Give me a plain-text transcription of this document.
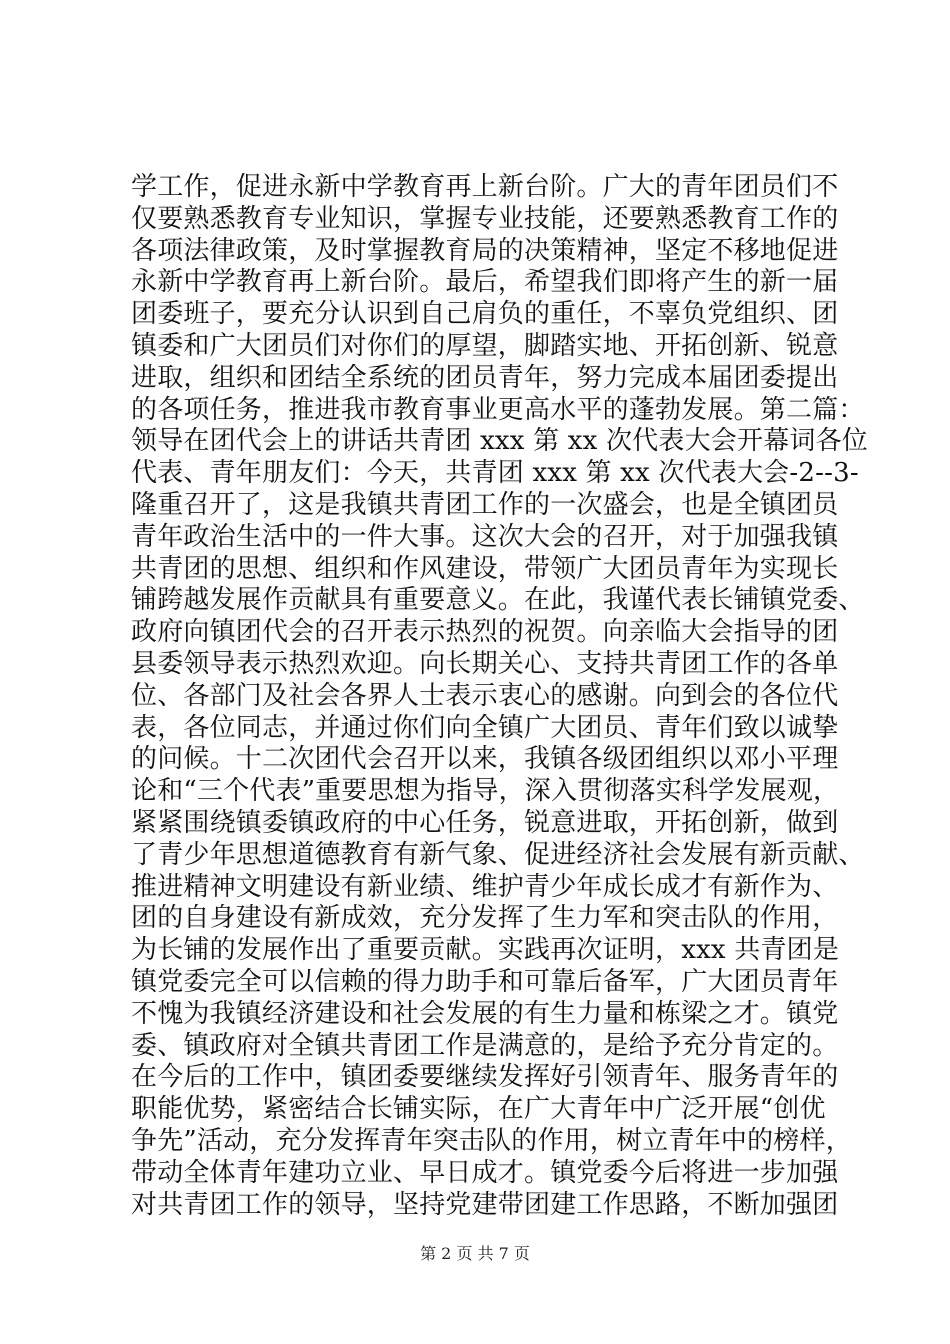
学工作，促进永新中学教育再上新台阶。广大的青年团员们不
仅要熟悉教育专业知识，掌握专业技能，还要熟悉教育工作的
各项法律政策，及时掌握教育局的决策精神，坚定不移地促进
永新中学教育再上新台阶。最后，希望我们即将产生的新一届
团委班子，要充分认识到自己肩负的重任，不辜负党组织、团
镇委和广大团员们对你们的厚望，脚踏实地、开拓创新、锐意
进取，组织和团结全系统的团员青年，努力完成本届团委提出
的各项任务，推进我市教育事业更高水平的蓬勃发展。第二篇：
领导在团代会上的讲话共青团 xxx 第 xx 次代表大会开幕词各位
代表、青年朋友们：今天，共青团 xxx 第 xx 次代表大会-2--3-
隆重召开了，这是我镇共青团工作的一次盛会，也是全镇团员
青年政治生活中的一件大事。这次大会的召开，对于加强我镇
共青团的思想、组织和作风建设，带领广大团员青年为实现长
铺跨越发展作贡献具有重要意义。在此，我谨代表长铺镇党委、
政府向镇团代会的召开表示热烈的祝贺。向亲临大会指导的团
县委领导表示热烈欢迎。向长期关心、支持共青团工作的各单
位、各部门及社会各界人士表示衷心的感谢。向到会的各位代
表，各位同志，并通过你们向全镇广大团员、青年们致以诚挚
的问候。十二次团代会召开以来，我镇各级团组织以邓小平理
论和“三个代表”重要思想为指导，深入贯彻落实科学发展观，
紧紧围绕镇委镇政府的中心任务，锐意进取，开拓创新，做到
了青少年思想道德教育有新气象、促进经济社会发展有新贡献、
推进精神文明建设有新业绩、维护青少年成长成才有新作为、
团的自身建设有新成效，充分发挥了生力军和突击队的作用，
为长铺的发展作出了重要贡献。实践再次证明，xxx 共青团是
镇党委完全可以信赖的得力助手和可靠后备军，广大团员青年
不愧为我镇经济建设和社会发展的有生力量和栋梁之才。镇党
委、镇政府对全镇共青团工作是满意的，是给予充分肯定的。
在今后的工作中，镇团委要继续发挥好引领青年、服务青年的
职能优势，紧密结合长铺实际，在广大青年中广泛开展“创优
争先”活动，充分发挥青年突击队的作用，树立青年中的榜样，
带动全体青年建功立业、早日成才。镇党委今后将进一步加强
对共青团工作的领导，坚持党建带团建工作思路，不断加强团
第 2 页 共 7 页
